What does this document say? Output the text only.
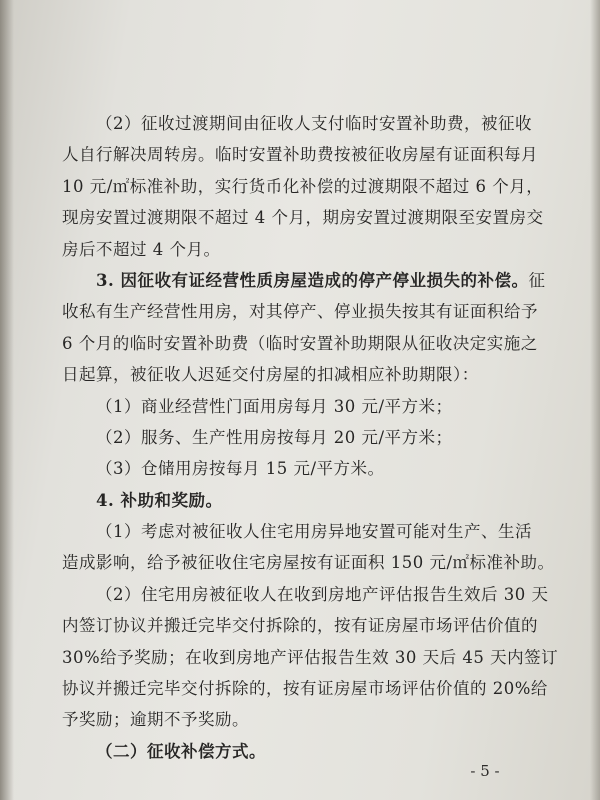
（2）征收过渡期间由征收人支付临时安置补助费，被征收
人自行解决周转房。临时安置补助费按被征收房屋有证面积每月
10 元/㎡标准补助，实行货币化补偿的过渡期限不超过 6 个月，
现房安置过渡期限不超过 4 个月，期房安置过渡期限至安置房交
房后不超过 4 个月。
3. 因征收有证经营性质房屋造成的停产停业损失的补偿。征
收私有生产经营性用房，对其停产、停业损失按其有证面积给予
6 个月的临时安置补助费（临时安置补助期限从征收决定实施之
日起算，被征收人迟延交付房屋的扣减相应补助期限）：
（1）商业经营性门面用房每月 30 元/平方米；
（2）服务、生产性用房按每月 20 元/平方米；
（3）仓储用房按每月 15 元/平方米。
4. 补助和奖励。
（1）考虑对被征收人住宅用房异地安置可能对生产、生活
造成影响，给予被征收住宅房屋按有证面积 150 元/㎡标准补助。
（2）住宅用房被征收人在收到房地产评估报告生效后 30 天
内签订协议并搬迁完毕交付拆除的，按有证房屋市场评估价值的
30%给予奖励；在收到房地产评估报告生效 30 天后 45 天内签订
协议并搬迁完毕交付拆除的，按有证房屋市场评估价值的 20%给
予奖励；逾期不予奖励。
（二）征收补偿方式。
- 5 -
